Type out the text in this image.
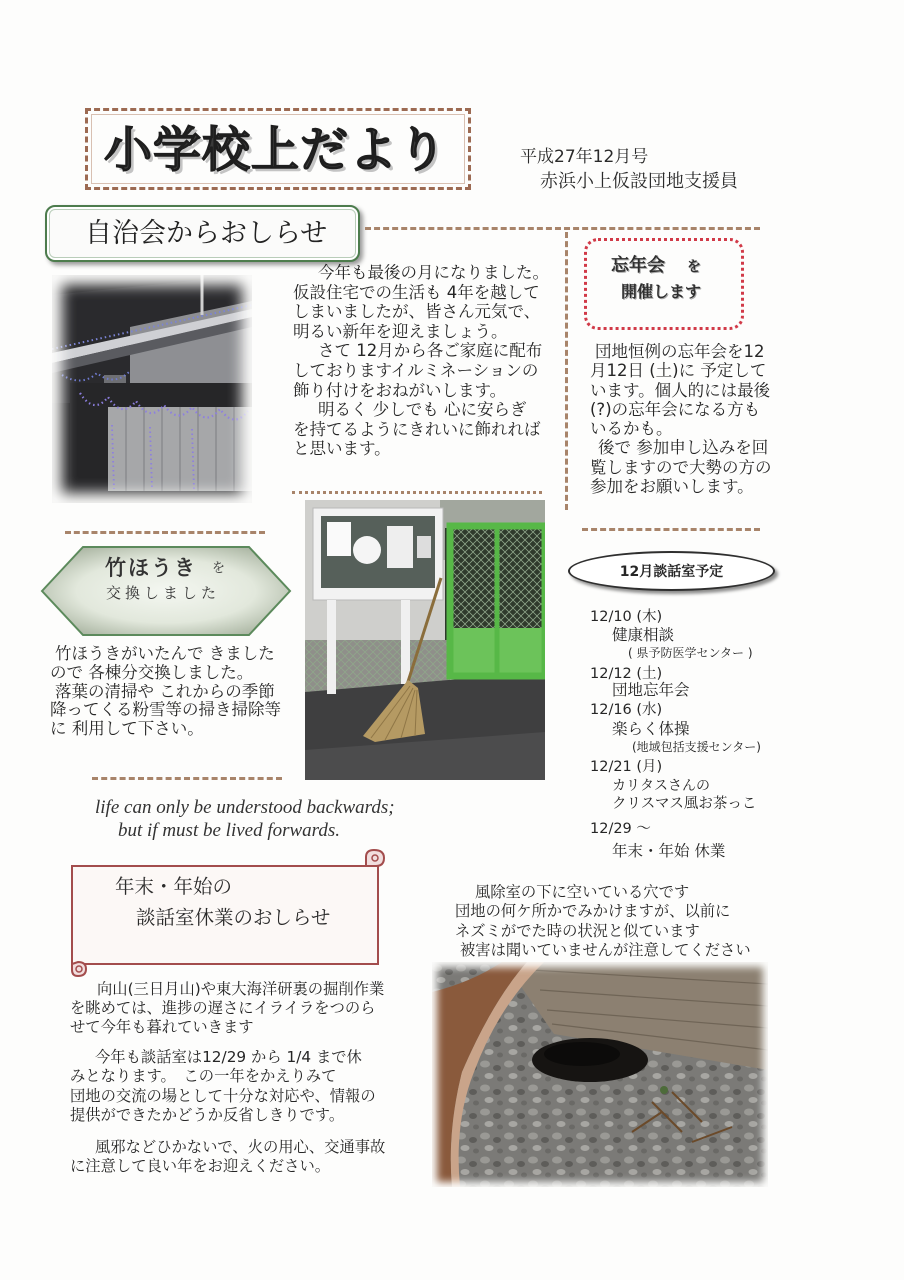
小学校上だより	平成27年12月号
赤浜小上仮設団地支援員
自治会からおしらせ
今年も最後の月になりました。
仮設住宅での生活も 4年を越して
しまいましたが、皆さん元気で、
明るい新年を迎えましょう。
さて 12月から各ご家庭に配布
しておりますイルミネーションの
飾り付けをおねがいします。
明るく 少しでも 心に安らぎ
を持てるようにきれいに飾れれば
と思います。
忘年会 を
開催します
団地恒例の忘年会を12
月12日 (土)に 予定して
います。個人的には最後
(?)の忘年会になる方も
いるかも。
後で 参加申し込みを回
覧しますので大勢の方の
参加をお願いします。
竹ほうき を
交換しました
竹ほうきがいたんで きました
ので 各棟分交換しました。
落葉の清掃や これからの季節
降ってくる粉雪等の掃き掃除等
に 利用して下さい。
12月談話室予定
12/10 (木)
健康相談
( 県予防医学センター )
12/12 (土)
団地忘年会
12/16 (水)
楽らく体操
(地域包括支援センター)
12/21 (月)
カリタスさんの
クリスマス風お茶っこ
12/29 ～
年末・年始 休業
life can only be understood backwards;
but if must be lived forwards.
年末・年始の
談話室休業のおしらせ
向山(三日月山)や東大海洋研裏の掘削作業
を眺めては、進捗の遅さにイライラをつのら
せて今年も暮れていきます
今年も談話室は12/29 から 1/4 まで休
みとなります。　この一年をかえりみて
団地の交流の場として十分な対応や、情報の
提供ができたかどうか反省しきりです。
風邪などひかないで、火の用心、交通事故
に注意して良い年をお迎えください。
風除室の下に空いている穴です
団地の何ケ所かでみかけますが、以前に
ネズミがでた時の状況と似ています
被害は聞いていませんが注意してください
